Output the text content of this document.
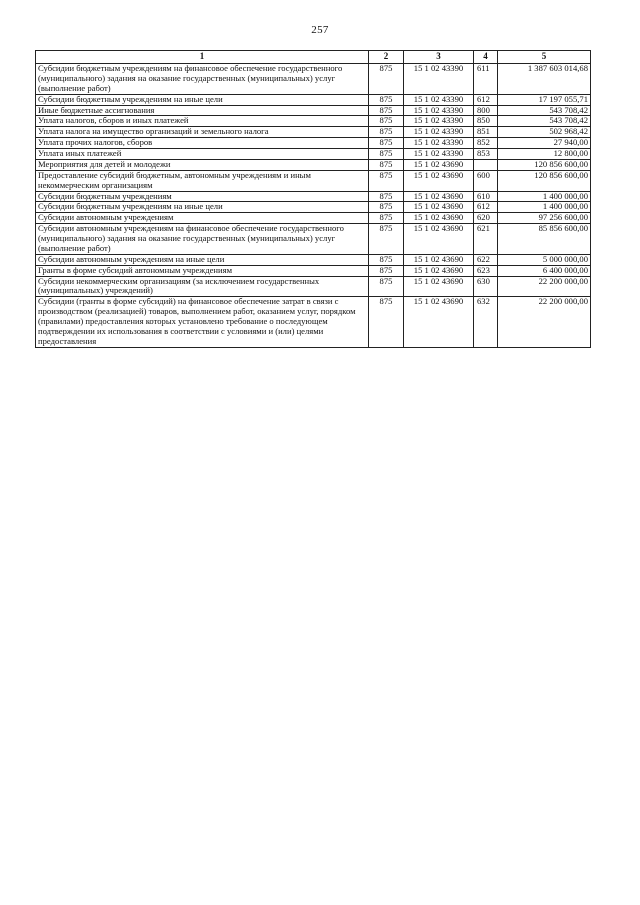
257
1	2	3	4	5
Субсидии бюджетным учреждениям на финансовое обеспечение государственного (муниципального) задания на оказание государственных (муниципальных) услуг (выполнение работ)	875	15 1 02 43390	611	1 387 603 014,68
Субсидии бюджетным учреждениям на иные цели	875	15 1 02 43390	612	17 197 055,71
Иные бюджетные ассигнования	875	15 1 02 43390	800	543 708,42
Уплата налогов, сборов и иных платежей	875	15 1 02 43390	850	543 708,42
Уплата налога на имущество организаций и земельного налога	875	15 1 02 43390	851	502 968,42
Уплата прочих налогов, сборов	875	15 1 02 43390	852	27 940,00
Уплата иных платежей	875	15 1 02 43390	853	12 800,00
Мероприятия для детей и молодежи	875	15 1 02 43690		120 856 600,00
Предоставление субсидий бюджетным, автономным учреждениям и иным некоммерческим организациям	875	15 1 02 43690	600	120 856 600,00
Субсидии бюджетным учреждениям	875	15 1 02 43690	610	1 400 000,00
Субсидии бюджетным учреждениям на иные цели	875	15 1 02 43690	612	1 400 000,00
Субсидии автономным учреждениям	875	15 1 02 43690	620	97 256 600,00
Субсидии автономным учреждениям на финансовое обеспечение государственного (муниципального) задания на оказание государственных (муниципальных) услуг (выполнение работ)	875	15 1 02 43690	621	85 856 600,00
Субсидии автономным учреждениям на иные цели	875	15 1 02 43690	622	5 000 000,00
Гранты в форме субсидий автономным учреждениям	875	15 1 02 43690	623	6 400 000,00
Субсидии некоммерческим организациям (за исключением государственных (муниципальных) учреждений)	875	15 1 02 43690	630	22 200 000,00
Субсидии (гранты в форме субсидий) на финансовое обеспечение затрат в связи с производством (реализацией) товаров, выполнением работ, оказанием услуг, порядком (правилами) предоставления которых установлено требование о последующем подтверждении их использования в соответствии с условиями и (или) целями предоставления	875	15 1 02 43690	632	22 200 000,00
